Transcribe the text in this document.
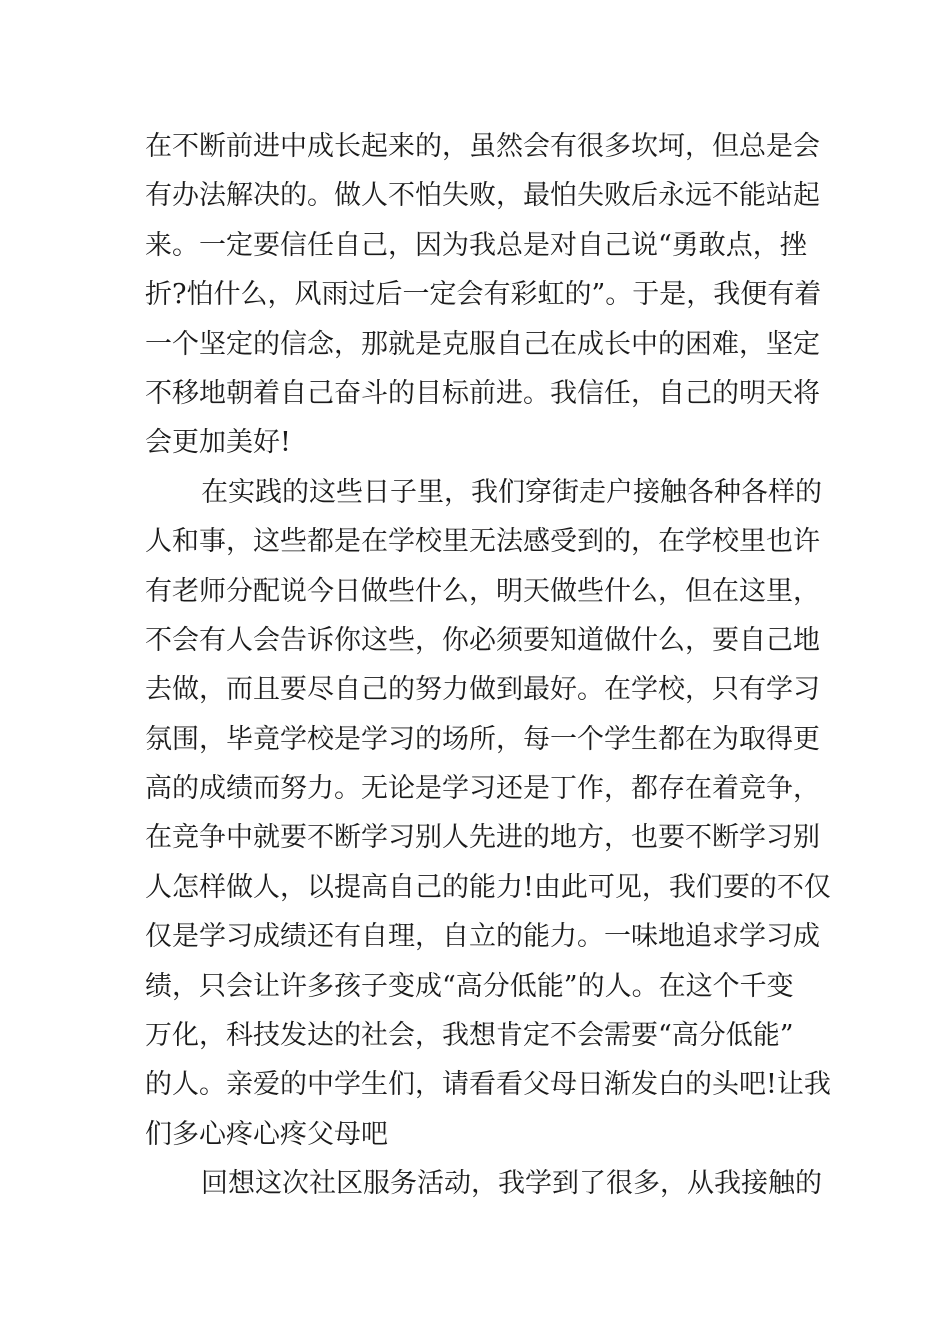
在不断前进中成长起来的，虽然会有很多坎坷，但总是会
有办法解决的。做人不怕失败，最怕失败后永远不能站起
来。一定要信任自己，因为我总是对自己说“勇敢点，挫
折?怕什么，风雨过后一定会有彩虹的”。于是，我便有着
一个坚定的信念，那就是克服自己在成长中的困难，坚定
不移地朝着自己奋斗的目标前进。我信任，自己的明天将
会更加美好!
在实践的这些日子里，我们穿街走户接触各种各样的
人和事，这些都是在学校里无法感受到的，在学校里也许
有老师分配说今日做些什么，明天做些什么，但在这里，
不会有人会告诉你这些，你必须要知道做什么，要自己地
去做，而且要尽自己的努力做到最好。在学校，只有学习
氛围，毕竟学校是学习的场所，每一个学生都在为取得更
高的成绩而努力。无论是学习还是丁作，都存在着竞争，
在竞争中就要不断学习别人先进的地方，也要不断学习别
人怎样做人，以提高自己的能力!由此可见，我们要的不仅
仅是学习成绩还有自理，自立的能力。一味地追求学习成
绩，只会让许多孩子变成“高分低能”的人。在这个千变
万化，科技发达的社会，我想肯定不会需要“高分低能”
的人。亲爱的中学生们，请看看父母日渐发白的头吧!让我
们多心疼心疼父母吧
回想这次社区服务活动，我学到了很多，从我接触的
